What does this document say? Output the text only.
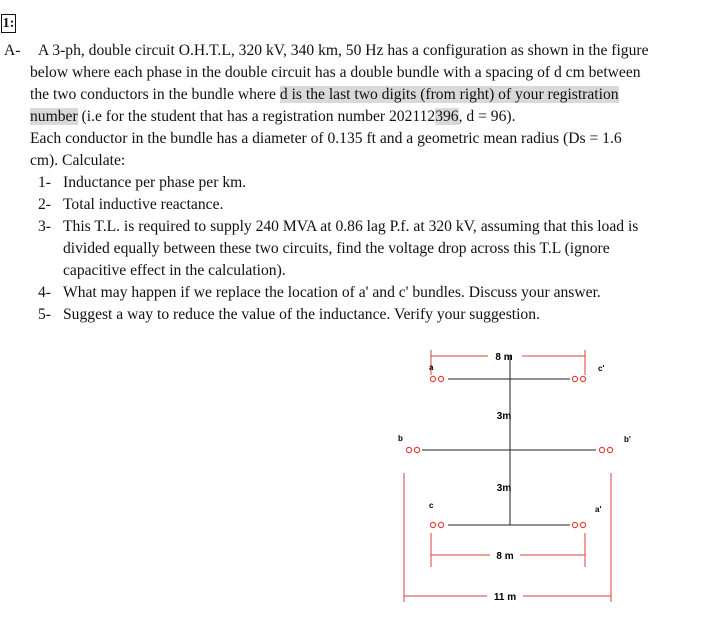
1:
A- A 3-ph, double circuit O.H.T.L, 320 kV, 340 km, 50 Hz has a configuration as shown in the figure
below where each phase in the double circuit has a double bundle with a spacing of d cm between
the two conductors in the bundle where d is the last two digits (from right) of your registration
number (i.e for the student that has a registration number 202112396, d = 96).
Each conductor in the bundle has a diameter of 0.135 ft and a geometric mean radius (Ds = 1.6
cm). Calculate:
1- Inductance per phase per km.
2- Total inductive reactance.
3- This T.L. is required to supply 240 MVA at 0.86 lag P.f. at 320 kV, assuming that this load is
divided equally between these two circuits, find the voltage drop across this T.L (ignore
capacitive effect in the calculation).
4- What may happen if we replace the location of a' and c' bundles. Discuss your answer.
5- Suggest a way to reduce the value of the inductance. Verify your suggestion.
8 m
a	c'
3m
b	b'
3m
c	a'
8 m
11 m
